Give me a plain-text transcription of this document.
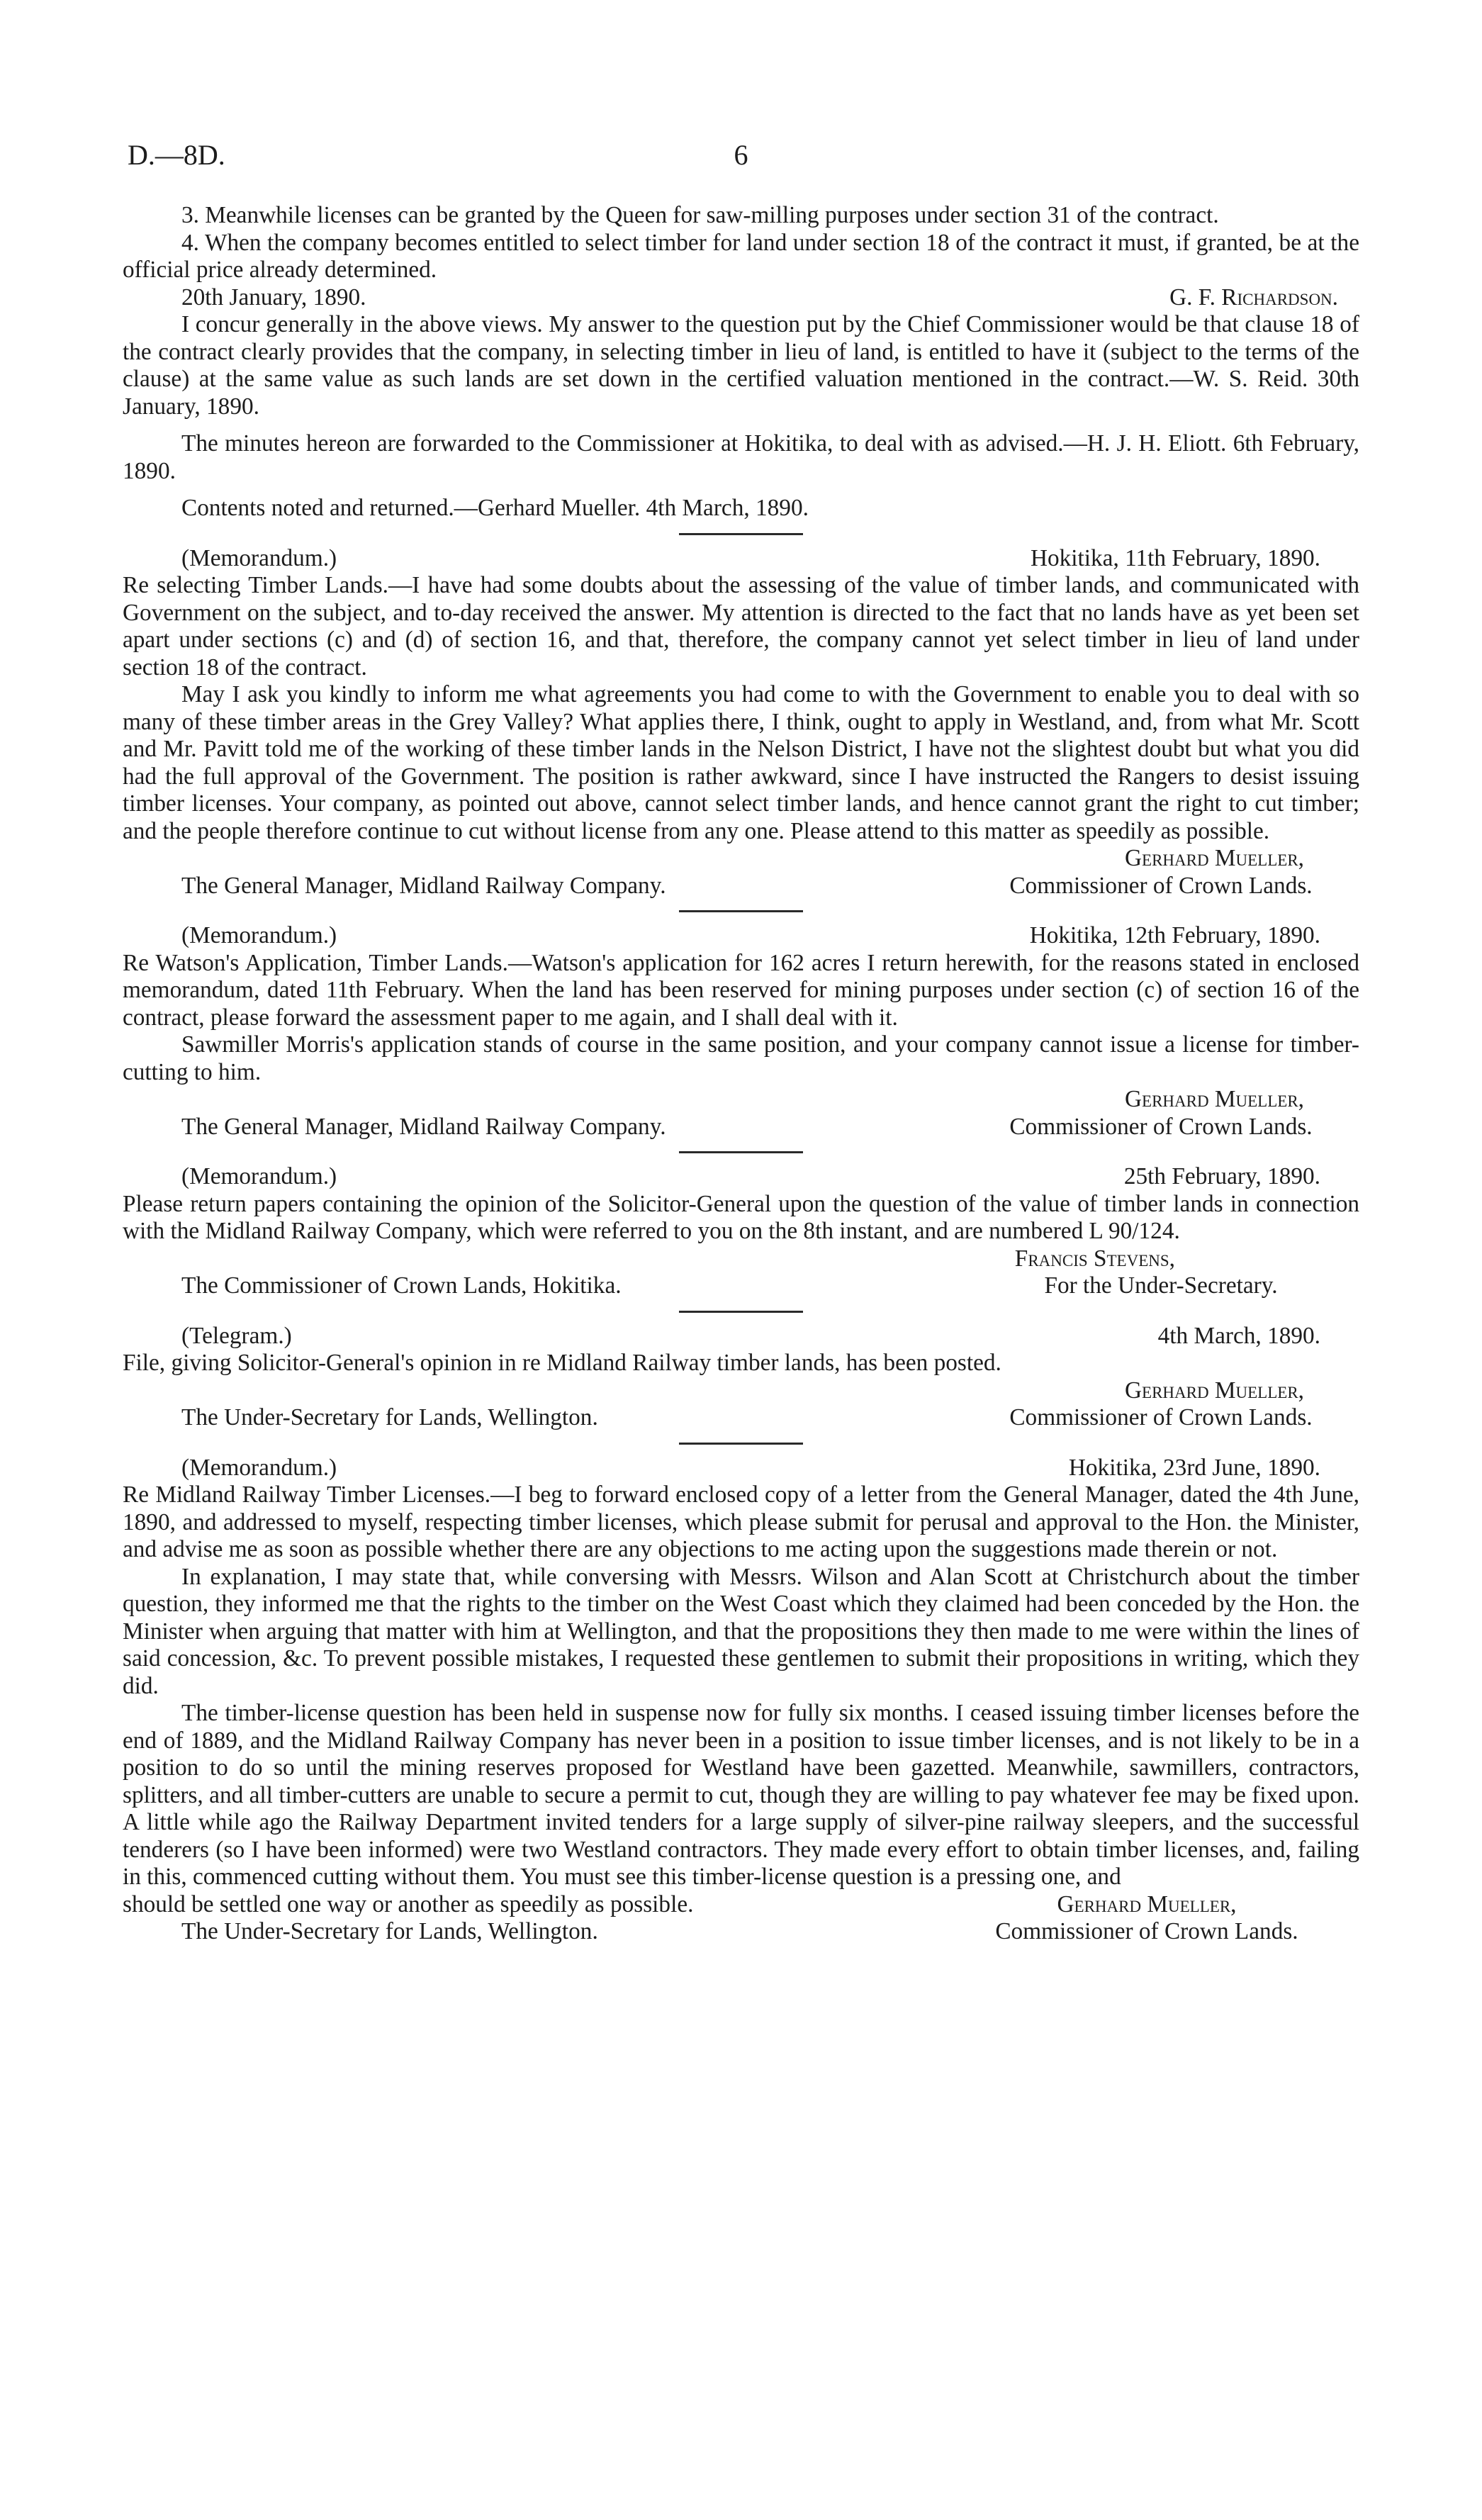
D.—8D.	6

3. Meanwhile licenses can be granted by the Queen for saw-milling purposes under section 31 of the contract.

4. When the company becomes entitled to select timber for land under section 18 of the contract it must, if granted, be at the official price already determined.

20th January, 1890.	G. F. Richardson.

I concur generally in the above views. My answer to the question put by the Chief Commissioner would be that clause 18 of the contract clearly provides that the company, in selecting timber in lieu of land, is entitled to have it (subject to the terms of the clause) at the same value as such lands are set down in the certified valuation mentioned in the contract.—W. S. Reid. 30th January, 1890.

The minutes hereon are forwarded to the Commissioner at Hokitika, to deal with as advised.—H. J. H. Eliott. 6th February, 1890.

Contents noted and returned.—Gerhard Mueller. 4th March, 1890.

(Memorandum.)	Hokitika, 11th February, 1890.

Re selecting Timber Lands.—I have had some doubts about the assessing of the value of timber lands, and communicated with Government on the subject, and to-day received the answer. My attention is directed to the fact that no lands have as yet been set apart under sections (c) and (d) of section 16, and that, therefore, the company cannot yet select timber in lieu of land under section 18 of the contract.

May I ask you kindly to inform me what agreements you had come to with the Government to enable you to deal with so many of these timber areas in the Grey Valley? What applies there, I think, ought to apply in Westland, and, from what Mr. Scott and Mr. Pavitt told me of the working of these timber lands in the Nelson District, I have not the slightest doubt but what you did had the full approval of the Government. The position is rather awkward, since I have instructed the Rangers to desist issuing timber licenses. Your company, as pointed out above, cannot select timber lands, and hence cannot grant the right to cut timber; and the people therefore continue to cut without license from any one. Please attend to this matter as speedily as possible.

Gerhard Mueller,
The General Manager, Midland Railway Company.	Commissioner of Crown Lands.
(Memorandum.)	Hokitika, 12th February, 1890.

Re Watson's Application, Timber Lands.—Watson's application for 162 acres I return herewith, for the reasons stated in enclosed memorandum, dated 11th February. When the land has been reserved for mining purposes under section (c) of section 16 of the contract, please forward the assessment paper to me again, and I shall deal with it.

Sawmiller Morris's application stands of course in the same position, and your company cannot issue a license for timber-cutting to him.

Gerhard Mueller,
The General Manager, Midland Railway Company.	Commissioner of Crown Lands.
(Memorandum.)	25th February, 1890.

Please return papers containing the opinion of the Solicitor-General upon the question of the value of timber lands in connection with the Midland Railway Company, which were referred to you on the 8th instant, and are numbered L 90/124.

Francis Stevens,
The Commissioner of Crown Lands, Hokitika.	For the Under-Secretary.
(Telegram.)	4th March, 1890.

File, giving Solicitor-General's opinion in re Midland Railway timber lands, has been posted.

Gerhard Mueller,
The Under-Secretary for Lands, Wellington.	Commissioner of Crown Lands.
(Memorandum.)	Hokitika, 23rd June, 1890.

Re Midland Railway Timber Licenses.—I beg to forward enclosed copy of a letter from the General Manager, dated the 4th June, 1890, and addressed to myself, respecting timber licenses, which please submit for perusal and approval to the Hon. the Minister, and advise me as soon as possible whether there are any objections to me acting upon the suggestions made therein or not.

In explanation, I may state that, while conversing with Messrs. Wilson and Alan Scott at Christchurch about the timber question, they informed me that the rights to the timber on the West Coast which they claimed had been conceded by the Hon. the Minister when arguing that matter with him at Wellington, and that the propositions they then made to me were within the lines of said concession, &c. To prevent possible mistakes, I requested these gentlemen to submit their propositions in writing, which they did.

The timber-license question has been held in suspense now for fully six months. I ceased issuing timber licenses before the end of 1889, and the Midland Railway Company has never been in a position to issue timber licenses, and is not likely to be in a position to do so until the mining reserves proposed for Westland have been gazetted. Meanwhile, sawmillers, contractors, splitters, and all timber-cutters are unable to secure a permit to cut, though they are willing to pay whatever fee may be fixed upon. A little while ago the Railway Department invited tenders for a large supply of silver-pine railway sleepers, and the successful tenderers (so I have been informed) were two Westland contractors. They made every effort to obtain timber licenses, and, failing in this, commenced cutting without them. You must see this timber-license question is a pressing one, and

should be settled one way or another as speedily as possible.	Gerhard Mueller,
The Under-Secretary for Lands, Wellington.	Commissioner of Crown Lands.
